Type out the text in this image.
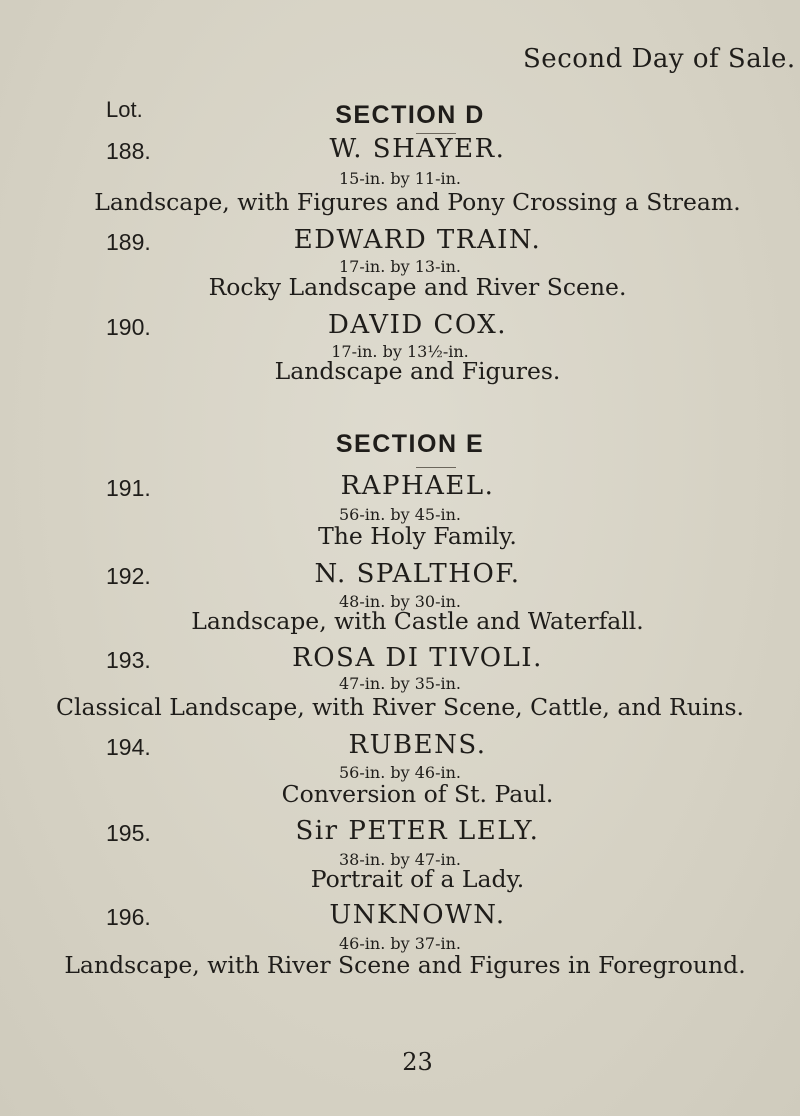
Second Day of Sale.
Lot.	SECTION D
188.	W. SHAYER.
15-in. by 11-in.
Landscape, with Figures and Pony Crossing a Stream.
189.	EDWARD TRAIN.
17-in. by 13-in.
Rocky Landscape and River Scene.
190.	DAVID COX.
17-in. by 13½-in.
Landscape and Figures.
SECTION E
191.	RAPHAEL.
56-in. by 45-in.
The Holy Family.
192.	N. SPALTHOF.
48-in. by 30-in.
Landscape, with Castle and Waterfall.
193.	ROSA DI TIVOLI.
47-in. by 35-in.
Classical Landscape, with River Scene, Cattle, and Ruins.
194.	RUBENS.
56-in. by 46-in.
Conversion of St. Paul.
195.	Sir PETER LELY.
38-in. by 47-in.
Portrait of a Lady.
196.	UNKNOWN.
46-in. by 37-in.
Landscape, with River Scene and Figures in Foreground.
23
